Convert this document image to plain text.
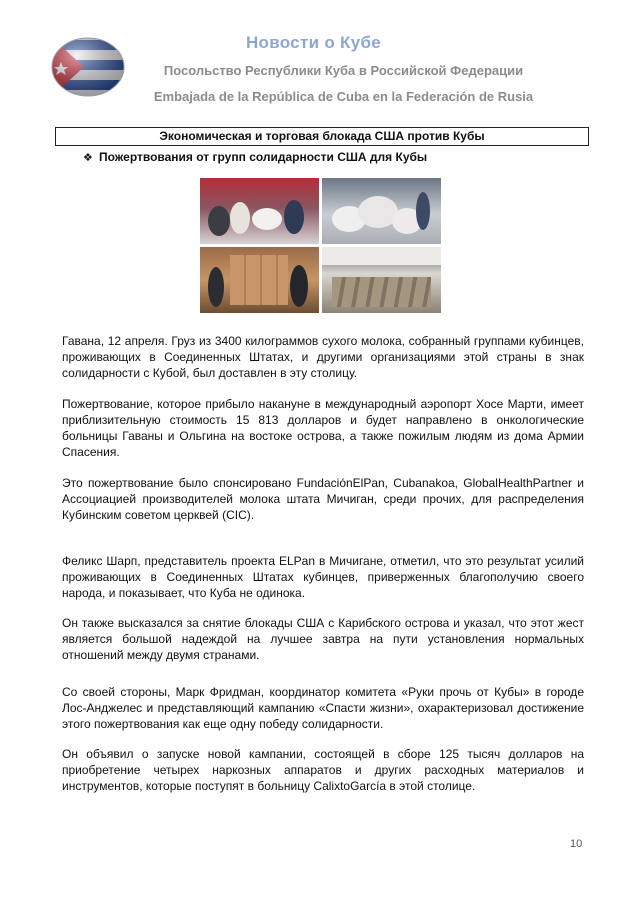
Новости о Кубе
Посольство Республики Куба в Российской Федерации
Embajada de la República de Cuba en la Federación de Rusia
Экономическая и торговая блокада США против Кубы
❖ Пожертвования от групп солидарности США для Кубы
Гавана, 12 апреля. Груз из 3400 килограммов сухого молока, собранный группами кубинцев, проживающих в Соединенных Штатах, и другими организациями этой страны в знак солидарности с Кубой, был доставлен в эту столицу.
Пожертвование, которое прибыло накануне в международный аэропорт Хосе Марти, имеет приблизительную стоимость 15 813 долларов и будет направлено в онкологические больницы Гаваны и Ольгина на востоке острова, а также пожилым людям из дома Армии Спасения.
Это пожертвование было спонсировано FundaciónElPan, Cubanakoa, GlobalHealthPartner и Ассоциацией производителей молока штата Мичиган, среди прочих, для распределения Кубинским советом церквей (CIC).
Феликс Шарп, представитель проекта ELPan в Мичигане, отметил, что это результат усилий проживающих в Соединенных Штатах кубинцев, приверженных благополучию своего народа, и показывает, что Куба не одинока.
Он также высказался за снятие блокады США с Карибского острова и указал, что этот жест является большой надеждой на лучшее завтра на пути установления нормальных отношений между двумя странами.
Со своей стороны, Марк Фридман, координатор комитета «Руки прочь от Кубы» в городе Лос-Анджелес и представляющий кампанию «Спасти жизни», охарактеризовал достижение этого пожертвования как еще одну победу солидарности.
Он объявил о запуске новой кампании, состоящей в сборе 125 тысяч долларов на приобретение четырех наркозных аппаратов и других расходных материалов и инструментов, которые поступят в больницу CalixtoGarcía в этой столице.
10
